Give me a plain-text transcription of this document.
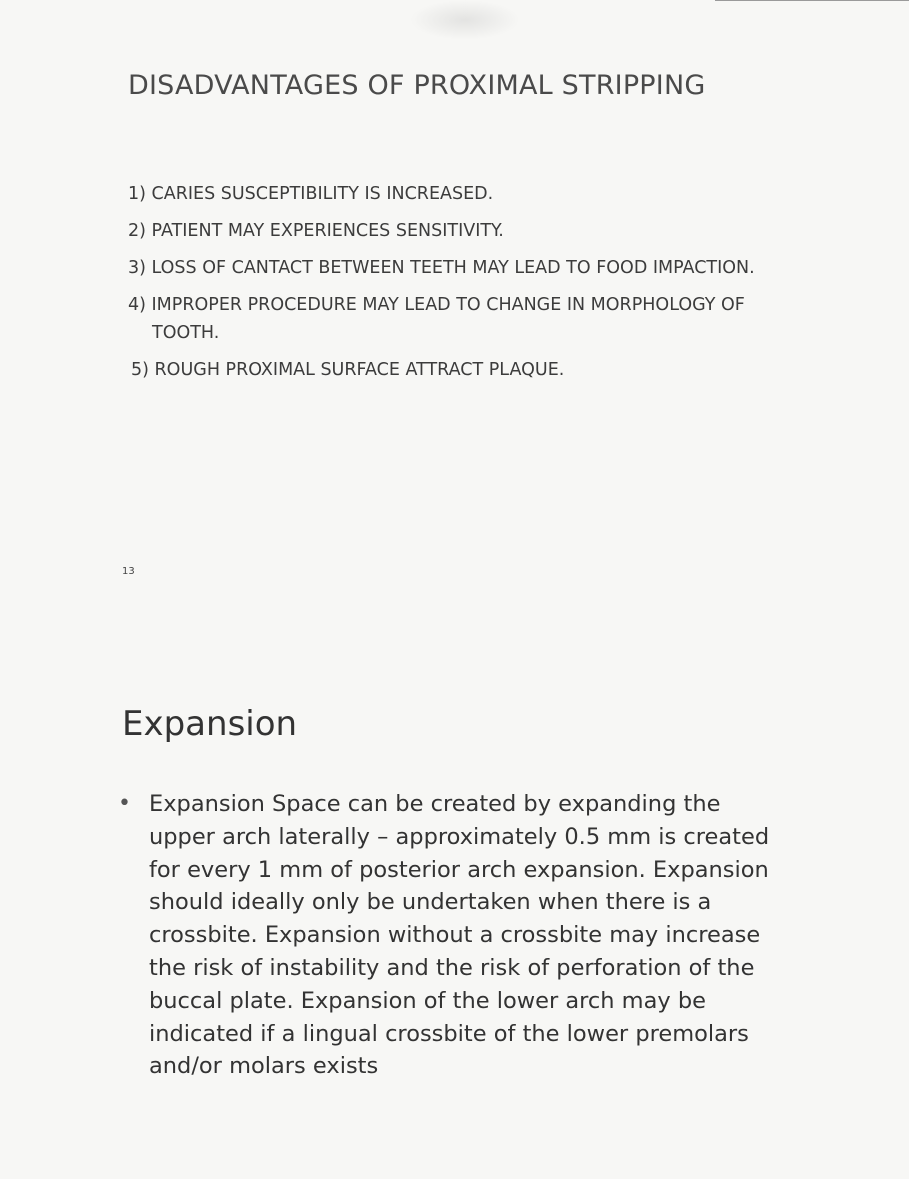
DISADVANTAGES OF PROXIMAL STRIPPING
1) CARIES SUSCEPTIBILITY IS INCREASED.
2) PATIENT MAY EXPERIENCES SENSITIVITY.
3) LOSS OF CANTACT BETWEEN TEETH MAY LEAD TO FOOD IMPACTION.
4) IMPROPER PROCEDURE MAY LEAD TO CHANGE IN MORPHOLOGY OF TOOTH.
5) ROUGH PROXIMAL SURFACE ATTRACT PLAQUE.
13
Expansion
• Expansion Space can be created by expanding the upper arch laterally – approximately 0.5 mm is created for every 1 mm of posterior arch expansion. Expansion should ideally only be undertaken when there is a crossbite. Expansion without a crossbite may increase the risk of instability and the risk of perforation of the buccal plate. Expansion of the lower arch may be indicated if a lingual crossbite of the lower premolars and/or molars exists
